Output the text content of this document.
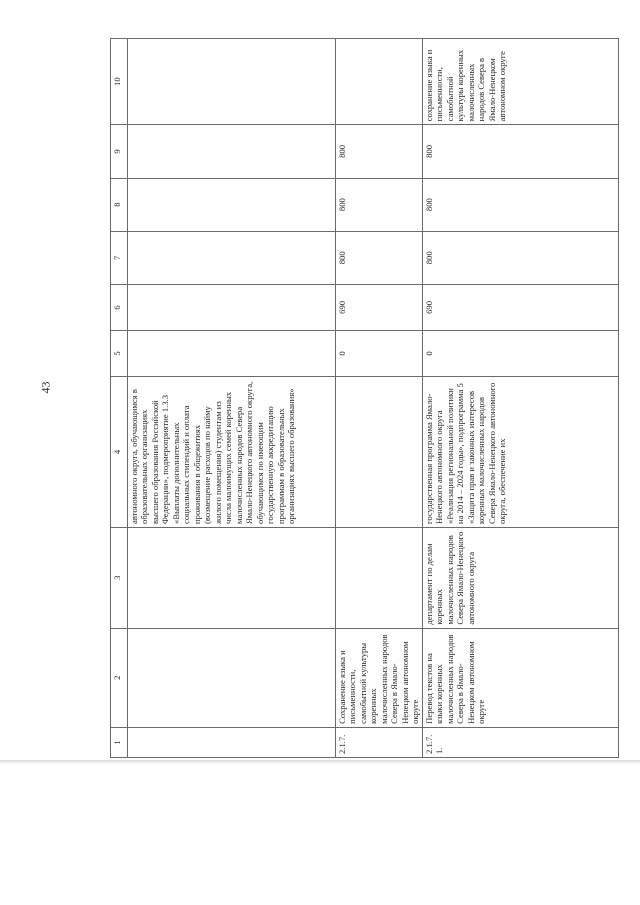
43
1	2	3	4	5	6	7	8	9	10
			автономного округа, обучающимся в образовательных организациях высшего образования Российской Федерации», подмероприятие 1.3.3 «Выплаты дополнительных социальных стипендий и оплата проживания в общежитиях (возмещение расходов по найму жилого помещения) студентам из числа малоимущих семей коренных малочисленных народов Севера Ямало-Ненецкого автономного округа, обучающимся по имеющим государственную аккредитацию программам в образовательных организациях высшего образования»						
2.1.7.	Сохранение языка и письменности, самобытной культуры коренных малочисленных народов Севера в Ямало-Ненецком автономном округе			0	690	800	800	800	
2.1.7.1.	Перевод текстов на языки коренных малочисленных народов Севера в Ямало-Ненецком автономном округе	департамент по делам коренных малочисленных народов Севера Ямало-Ненецкого автономного округа	государственная программа Ямало-Ненецкого автономного округа «Реализация региональной политики на 2014 – 2024 годы», подпрограмма 5 «Защита прав и законных интересов коренных малочисленных народов Севера Ямало-Ненецкого автономного округа, обеспечение их	0	690	800	800	800	сохранение языка и письменности, самобытной культуры коренных малочисленных народов Севера в Ямало-Ненецком автономном округе
